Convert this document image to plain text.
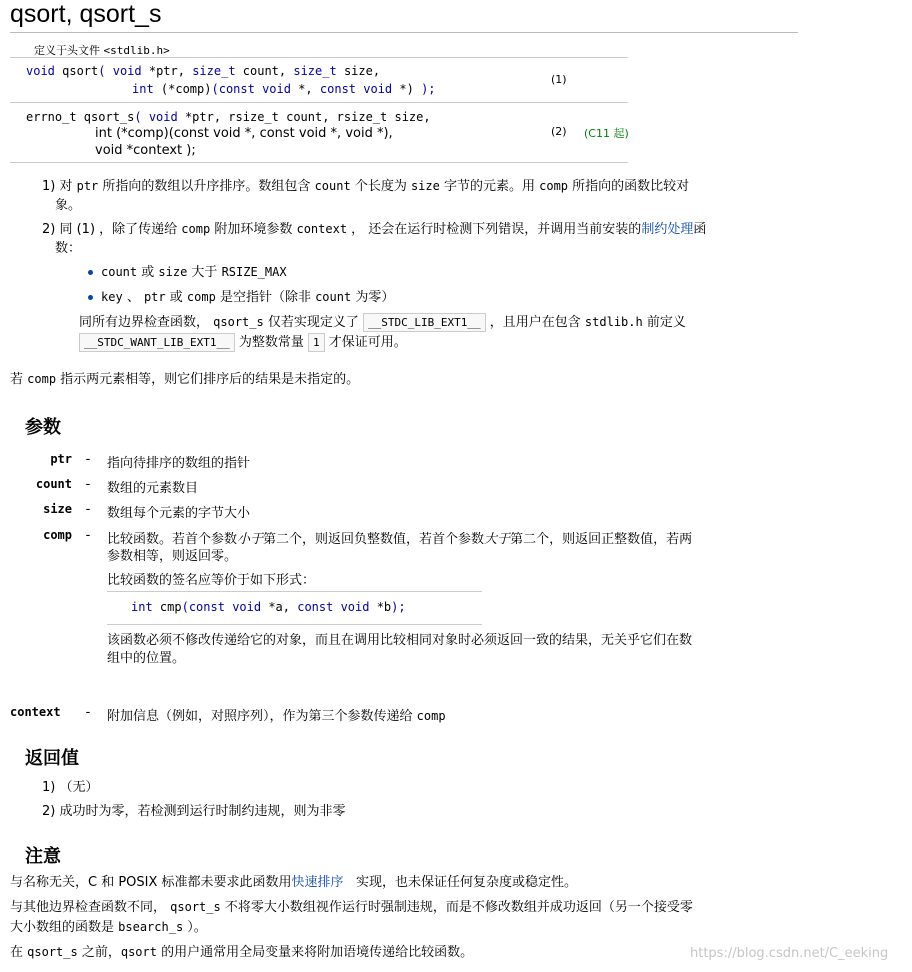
qsort, qsort_s
定义于头文件 <stdlib.h>
void qsort( void *ptr, size_t count, size_t size,
int (*comp)(const void *, const void *) );
(1)
errno_t qsort_s( void *ptr, rsize_t count, rsize_t size,
int (*comp)(const void *, const void *, void *),
void *context );
(2) (C11 起)
1) 对 ptr 所指向的数组以升序排序。数组包含 count 个长度为 size 字节的元素。用 comp 所指向的函数比较对
象。
2) 同 (1) ，除了传递给 comp 附加环境参数 context ， 还会在运行时检测下列错误，并调用当前安装的制约处理函
数：
count 或 size 大于 RSIZE_MAX
key 、 ptr 或 comp 是空指针（除非 count 为零）
同所有边界检查函数， qsort_s 仅若实现定义了 __STDC_LIB_EXT1__ ，且用户在包含 stdlib.h 前定义
__STDC_WANT_LIB_EXT1__ 为整数常量 1 才保证可用。
若 comp 指示两元素相等，则它们排序后的结果是未指定的。
参数
ptr - 指向待排序的数组的指针
count - 数组的元素数目
size - 数组每个元素的字节大小
comp - 比较函数。若首个参数小于第二个，则返回负整数值，若首个参数大于第二个，则返回正整数值，若两
参数相等，则返回零。
比较函数的签名应等价于如下形式：
int cmp(const void *a, const void *b);
该函数必须不修改传递给它的对象，而且在调用比较相同对象时必须返回一致的结果，无关乎它们在数
组中的位置。
context	- 附加信息（例如，对照序列），作为第三个参数传递给 comp
返回值
1) （无）
2) 成功时为零，若检测到运行时制约违规，则为非零
注意
与名称无关，C 和 POSIX 标准都未要求此函数用快速排序 实现，也未保证任何复杂度或稳定性。
与其他边界检查函数不同， qsort_s 不将零大小数组视作运行时强制违规，而是不修改数组并成功返回（另一个接受零
大小数组的函数是 bsearch_s ）。
在 qsort_s 之前，qsort 的用户通常用全局变量来将附加语境传递给比较函数。	https://blog.csdn.net/C_eeking
